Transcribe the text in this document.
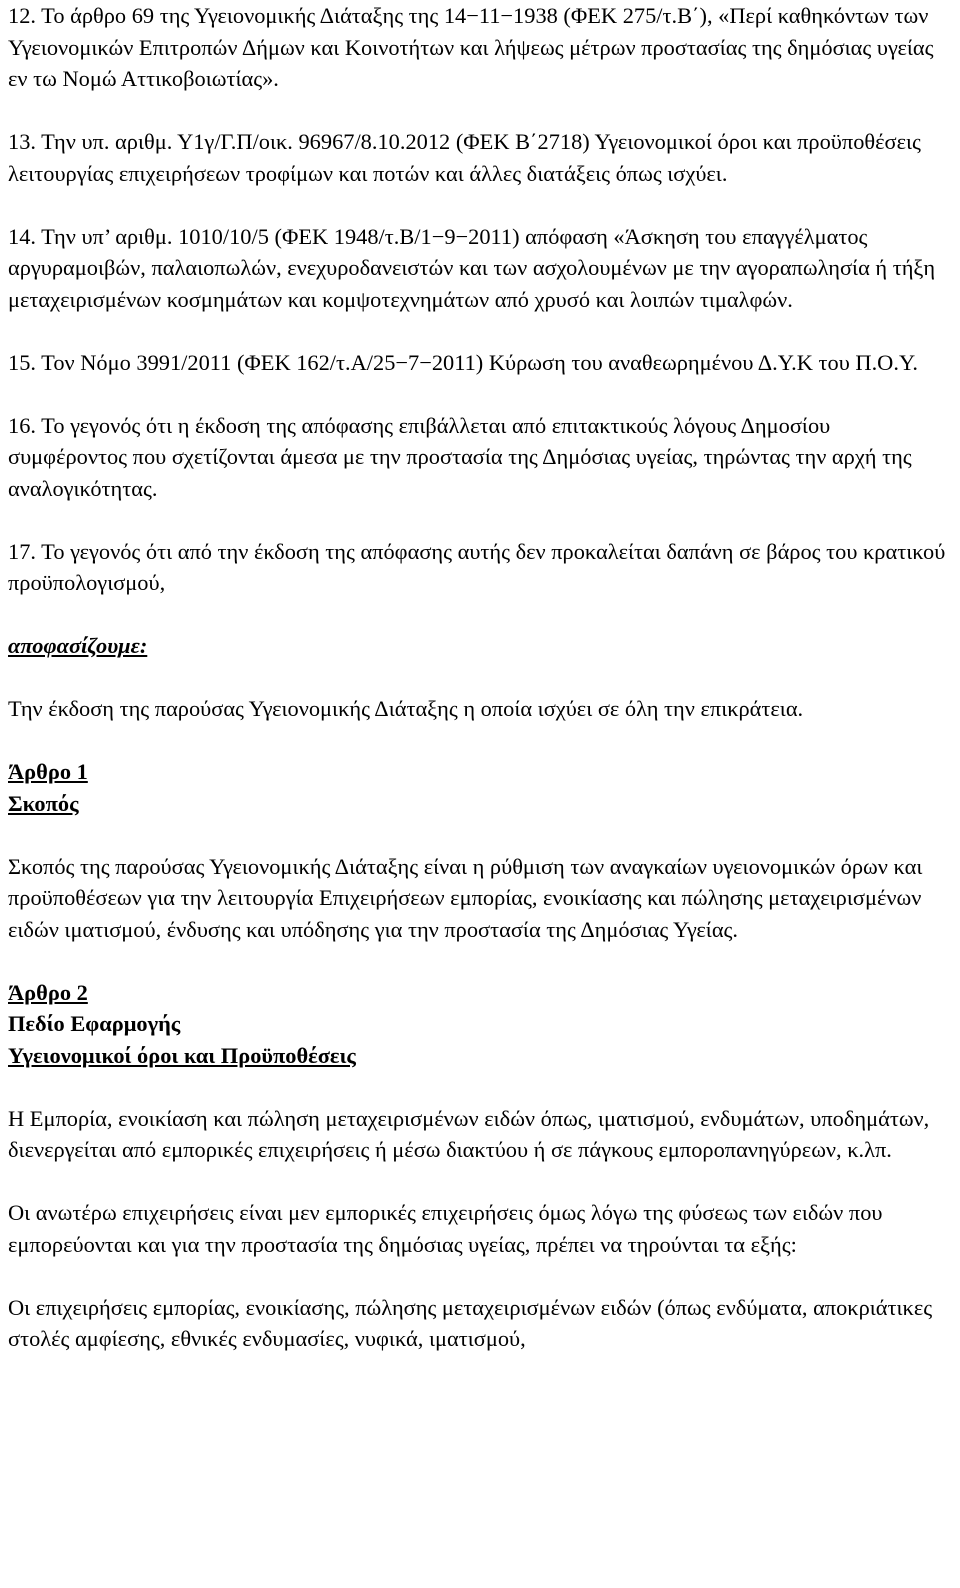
12. Το άρθρο 69 της Υγειονομικής Διάταξης της 14−11−1938 (ΦΕΚ 275/τ.Β΄), «Περί καθηκόντων των Υγειονομικών Επιτροπών Δήμων και Κοινοτήτων και λήψεως μέτρων προστασίας της δημόσιας υγείας εν τω Νομώ Αττικοβοιωτίας».

13. Την υπ. αριθμ. Υ1γ/Γ.Π/οικ. 96967/8.10.2012 (ΦΕΚ Β΄2718) Υγειονομικοί όροι και προϋποθέσεις λειτουργίας επιχειρήσεων τροφίμων και ποτών και άλλες διατάξεις όπως ισχύει.

14. Την υπ’ αριθμ. 1010/10/5 (ΦΕΚ 1948/τ.Β/1−9−2011) απόφαση «Άσκηση του επαγγέλματος αργυραμοιβών, παλαιοπωλών, ενεχυροδανειστών και των ασχολουμένων με την αγοραπωλησία ή τήξη μεταχειρισμένων κοσμημάτων και κομψοτεχνημάτων από χρυσό και λοιπών τιμαλφών.

15. Τον Νόμο 3991/2011 (ΦΕΚ 162/τ.Α/25−7−2011) Κύρωση του αναθεωρημένου Δ.Υ.Κ του Π.Ο.Υ.

16. Το γεγονός ότι η έκδοση της απόφασης επιβάλλεται από επιτακτικούς λόγους Δημοσίου συμφέροντος που σχετίζονται άμεσα με την προστασία της Δημόσιας υγείας, τηρώντας την αρχή της αναλογικότητας.

17. Το γεγονός ότι από την έκδοση της απόφασης αυτής δεν προκαλείται δαπάνη σε βάρος του κρατικού προϋπολογισμού,

αποφασίζουμε:

Την έκδοση της παρούσας Υγειονομικής Διάταξης η οποία ισχύει σε όλη την επικράτεια.

Άρθρο 1
Σκοπός

Σκοπός της παρούσας Υγειονομικής Διάταξης είναι η ρύθμιση των αναγκαίων υγειονομικών όρων και προϋποθέσεων για την λειτουργία Επιχειρήσεων εμπορίας, ενοικίασης και πώλησης μεταχειρισμένων ειδών ιματισμού, ένδυσης και υπόδησης για την προστασία της Δημόσιας Υγείας.

Άρθρο 2
Πεδίο Εφαρμογής
Υγειονομικοί όροι και Προϋποθέσεις

Η Εμπορία, ενοικίαση και πώληση μεταχειρισμένων ειδών όπως, ιματισμού, ενδυμάτων, υποδημάτων, διενεργείται από εμπορικές επιχειρήσεις ή μέσω διακτύου ή σε πάγκους εμποροπανηγύρεων, κ.λπ.

Οι ανωτέρω επιχειρήσεις είναι μεν εμπορικές επιχειρήσεις όμως λόγω της φύσεως των ειδών που εμπορεύονται και για την προστασία της δημόσιας υγείας, πρέπει να τηρούνται τα εξής:

Οι επιχειρήσεις εμπορίας, ενοικίασης, πώλησης μεταχειρισμένων ειδών (όπως ενδύματα, αποκριάτικες στολές αμφίεσης, εθνικές ενδυμασίες, νυφικά, ιματισμού,
